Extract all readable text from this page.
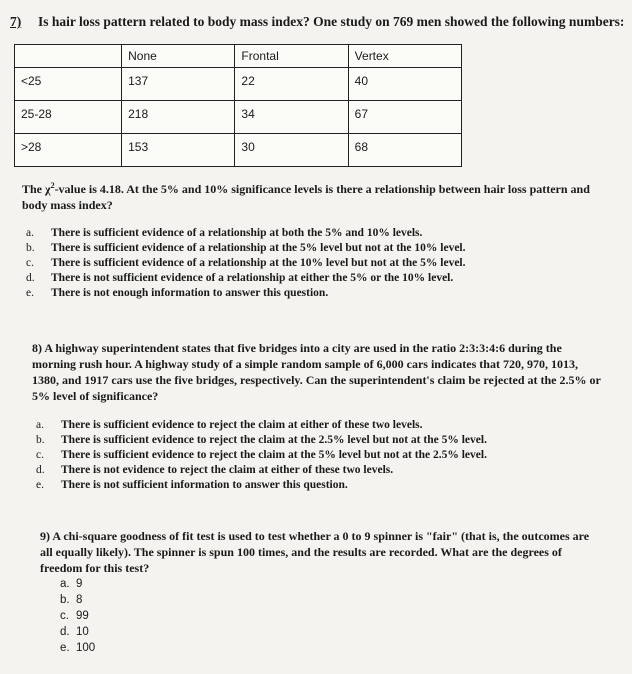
7) Is hair loss pattern related to body mass index? One study on 769 men showed the following numbers:
	None	Frontal	Vertex
<25	137	22	40
25-28	218	34	67
>28	153	30	68
The $\chi^2$-value is 4.18. At the 5% and 10% significance levels is there a relationship between hair loss pattern and body mass index?
a.	There is sufficient evidence of a relationship at both the 5% and 10% levels.
b.	There is sufficient evidence of a relationship at the 5% level but not at the 10% level.
c.	There is sufficient evidence of a relationship at the 10% level but not at the 5% level.
d.	There is not sufficient evidence of a relationship at either the 5% or the 10% level.
e.	There is not enough information to answer this question.
8) A highway superintendent states that five bridges into a city are used in the ratio 2:3:3:4:6 during the morning rush hour. A highway study of a simple random sample of 6,000 cars indicates that 720, 970, 1013, 1380, and 1917 cars use the five bridges, respectively. Can the superintendent's claim be rejected at the 2.5% or 5% level of significance?
a.	There is sufficient evidence to reject the claim at either of these two levels.
b.	There is sufficient evidence to reject the claim at the 2.5% level but not at the 5% level.
c.	There is sufficient evidence to reject the claim at the 5% level but not at the 2.5% level.
d.	There is not evidence to reject the claim at either of these two levels.
e.	There is not sufficient information to answer this question.
9) A chi-square goodness of fit test is used to test whether a 0 to 9 spinner is "fair" (that is, the outcomes are all equally likely). The spinner is spun 100 times, and the results are recorded. What are the degrees of freedom for this test?
a. 9
b. 8
c. 99
d. 10
e. 100
